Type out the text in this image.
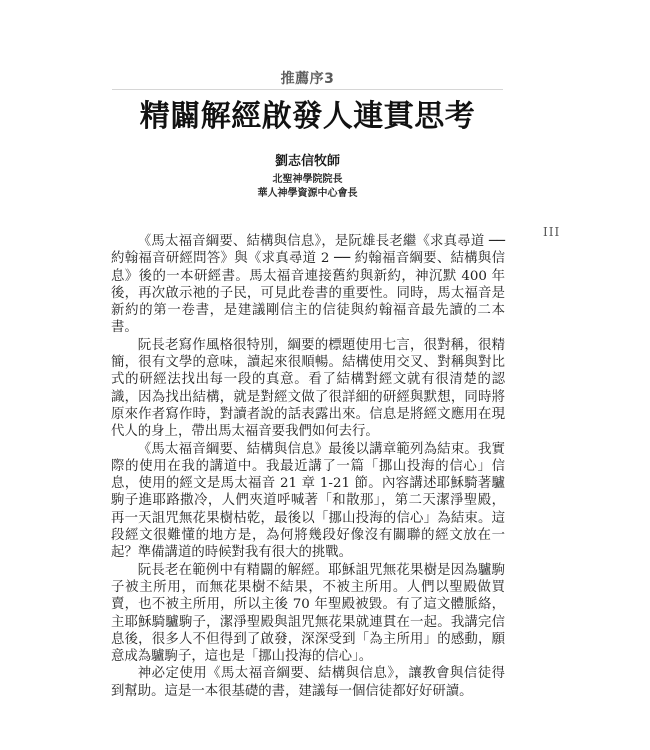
推薦序3
精闢解經啟發人連貫思考
劉志信牧師
北聖神學院院長
華人神學資源中心會長
III

《馬太福音綱要、結構與信息》，是阮雄長老繼《求真尋道 ── 約翰福音研經問答》與《求真尋道 2 ── 約翰福音綱要、結構與信息》後的一本研經書。馬太福音連接舊約與新約，神沉默 400 年後，再次啟示祂的子民，可見此卷書的重要性。同時，馬太福音是新約的第一卷書，是建議剛信主的信徒與約翰福音最先讀的二本書。

阮長老寫作風格很特別，綱要的標題使用七言，很對稱，很精簡，很有文學的意味，讀起來很順暢。結構使用交叉、對稱與對比式的研經法找出每一段的真意。看了結構對經文就有很清楚的認識，因為找出結構，就是對經文做了很詳細的研經與默想，同時將原來作者寫作時，對讀者說的話表露出來。信息是將經文應用在現代人的身上，帶出馬太福音要我們如何去行。

《馬太福音綱要、結構與信息》最後以講章範列為結束。我實際的使用在我的講道中。我最近講了一篇「挪山投海的信心」信息，使用的經文是馬太福音 21 章 1-21 節。內容講述耶穌騎著驢駒子進耶路撒冷，人們夾道呼喊著「和散那」，第二天潔淨聖殿，再一天詛咒無花果樹枯乾，最後以「挪山投海的信心」為結束。這段經文很難懂的地方是，為何將幾段好像沒有關聯的經文放在一起？準備講道的時候對我有很大的挑戰。

阮長老在範例中有精闢的解經。耶穌詛咒無花果樹是因為驢駒子被主所用，而無花果樹不結果，不被主所用。人們以聖殿做買賣，也不被主所用，所以主後 70 年聖殿被毀。有了這文體脈絡，主耶穌騎驢駒子，潔淨聖殿與詛咒無花果就連貫在一起。我講完信息後，很多人不但得到了啟發，深深受到「為主所用」的感動，願意成為驢駒子，這也是「挪山投海的信心」。

神必定使用《馬太福音綱要、結構與信息》，讓教會與信徒得到幫助。這是一本很基礎的書，建議每一個信徒都好好研讀。
